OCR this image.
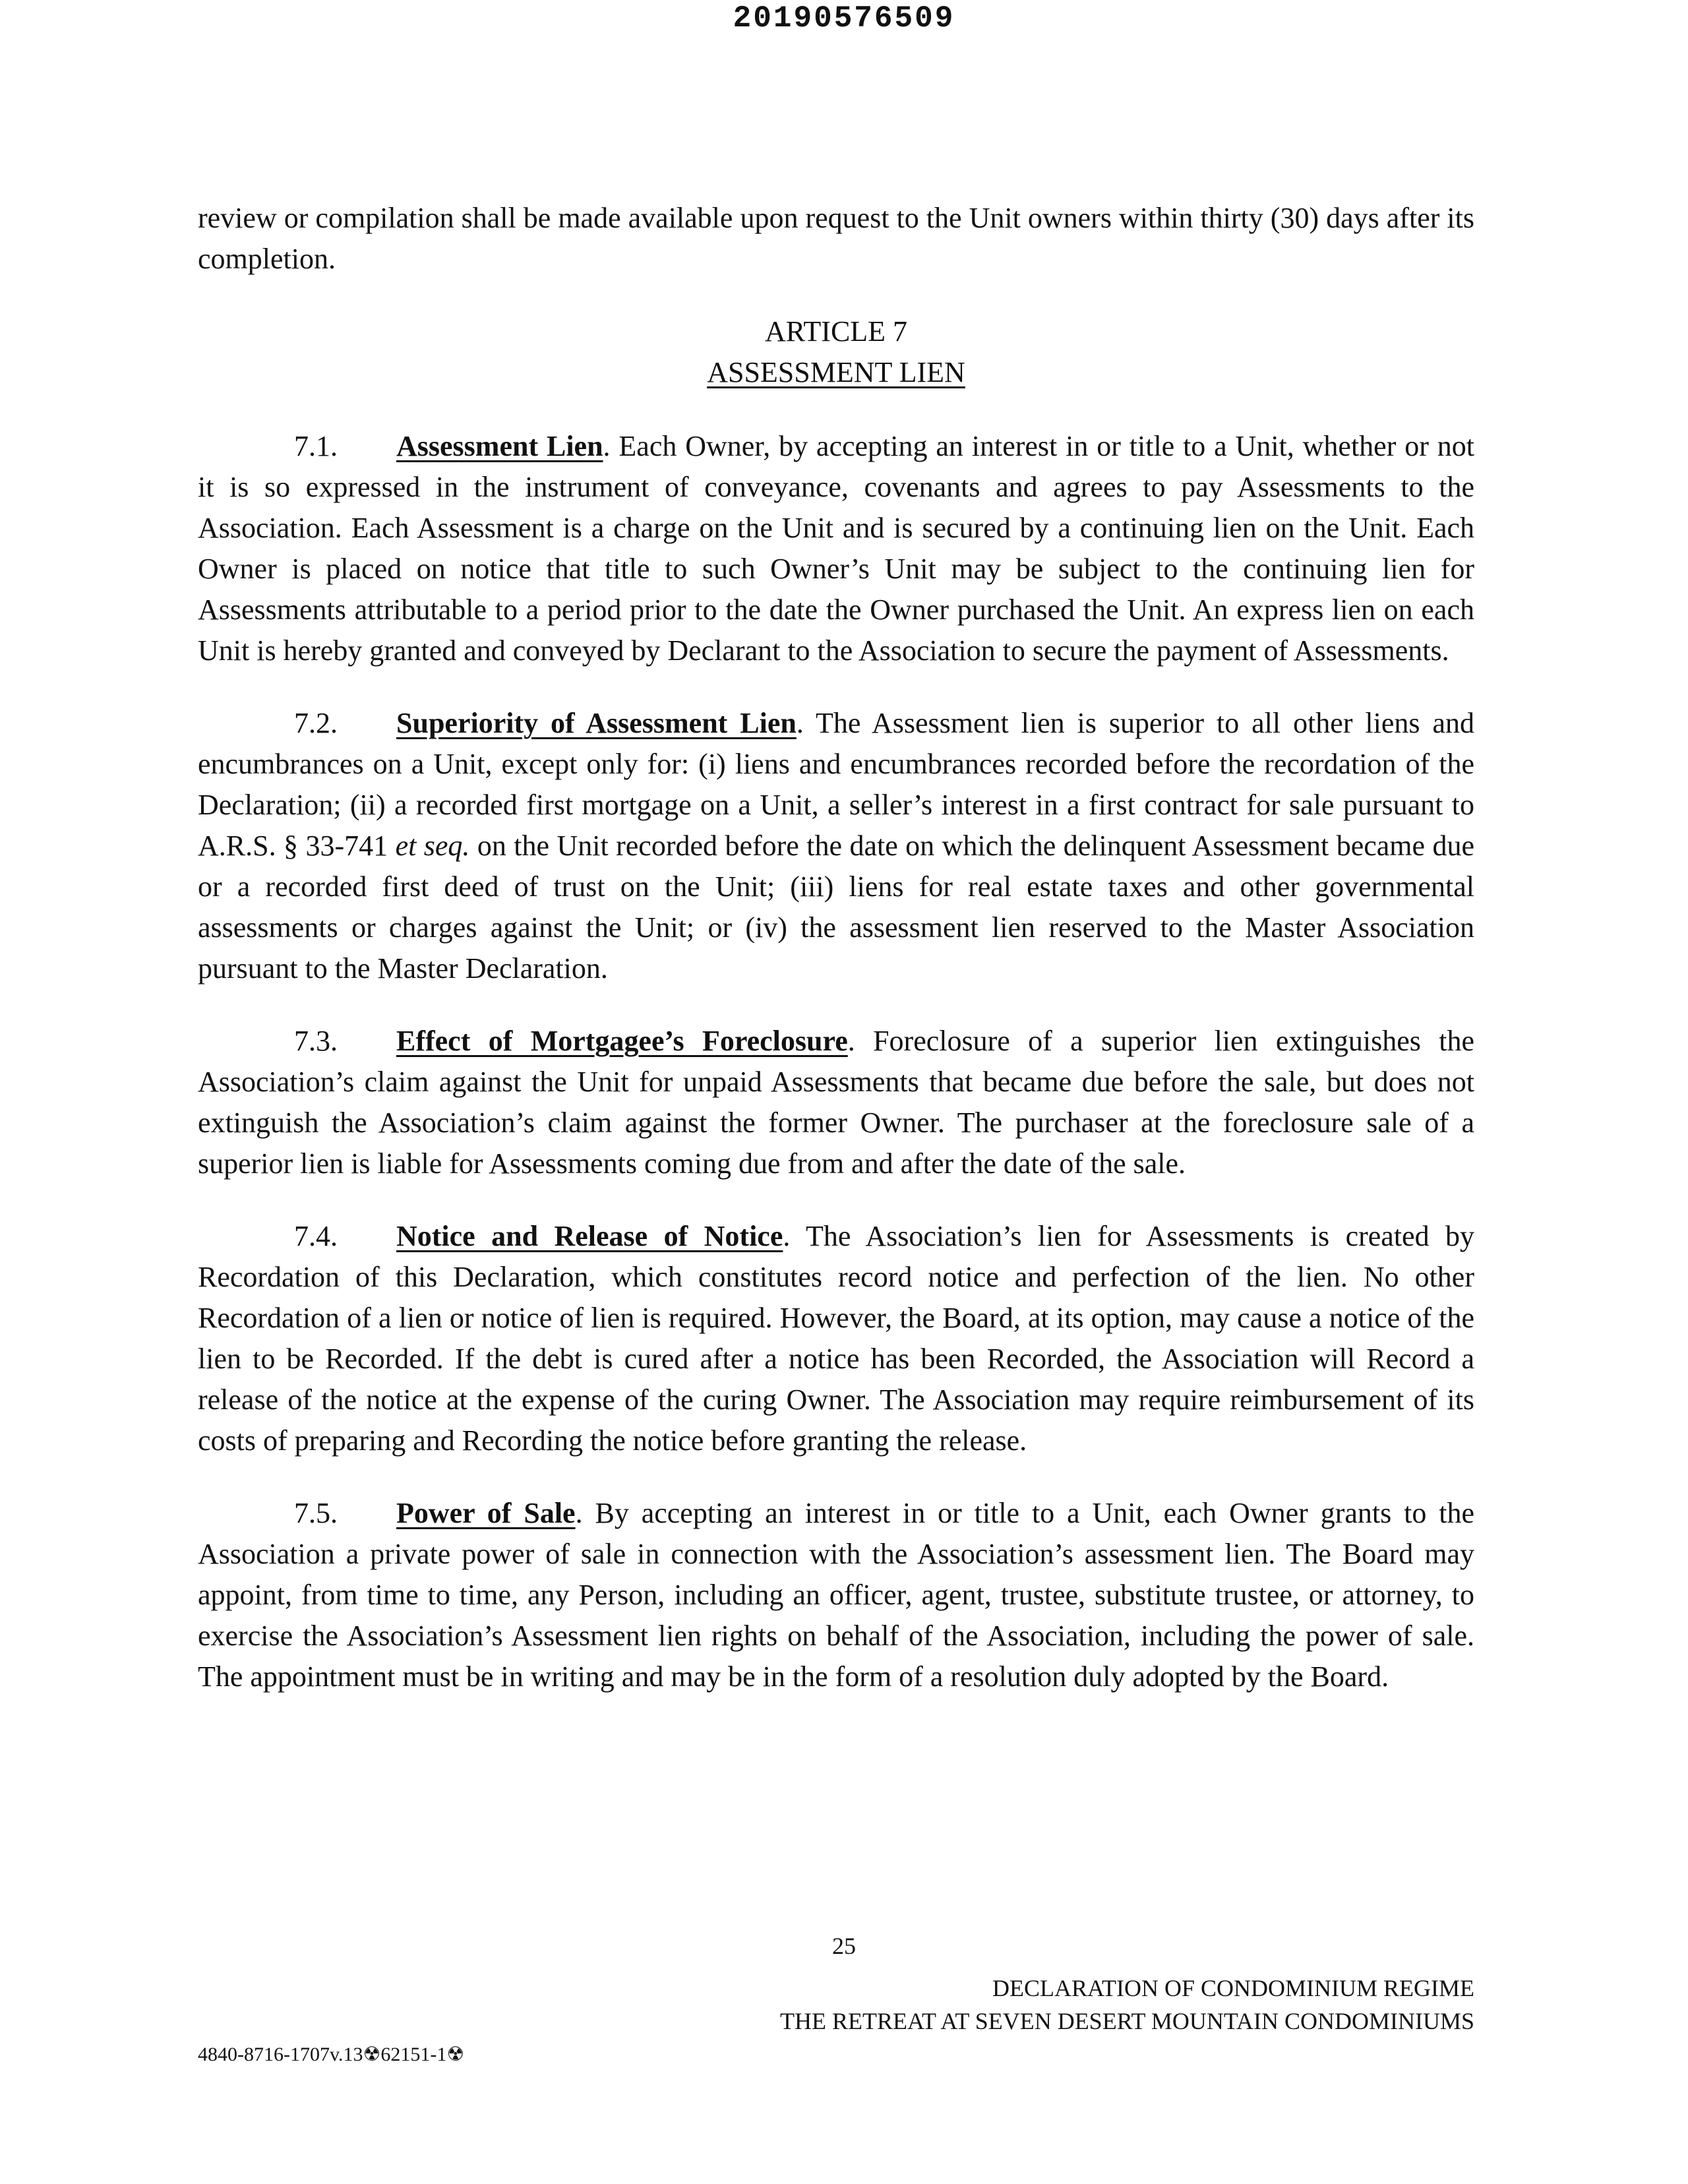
20190576509

review or compilation shall be made available upon request to the Unit owners within thirty (30) days after its completion.

ARTICLE 7
ASSESSMENT LIEN

7.1. Assessment Lien. Each Owner, by accepting an interest in or title to a Unit, whether or not it is so expressed in the instrument of conveyance, covenants and agrees to pay Assessments to the Association. Each Assessment is a charge on the Unit and is secured by a continuing lien on the Unit. Each Owner is placed on notice that title to such Owner’s Unit may be subject to the continuing lien for Assessments attributable to a period prior to the date the Owner purchased the Unit. An express lien on each Unit is hereby granted and conveyed by Declarant to the Association to secure the payment of Assessments.

7.2. Superiority of Assessment Lien. The Assessment lien is superior to all other liens and encumbrances on a Unit, except only for: (i) liens and encumbrances recorded before the recordation of the Declaration; (ii) a recorded first mortgage on a Unit, a seller’s interest in a first contract for sale pursuant to A.R.S. § 33-741 et seq. on the Unit recorded before the date on which the delinquent Assessment became due or a recorded first deed of trust on the Unit; (iii) liens for real estate taxes and other governmental assessments or charges against the Unit; or (iv) the assessment lien reserved to the Master Association pursuant to the Master Declaration.

7.3. Effect of Mortgagee’s Foreclosure. Foreclosure of a superior lien extinguishes the Association’s claim against the Unit for unpaid Assessments that became due before the sale, but does not extinguish the Association’s claim against the former Owner. The purchaser at the foreclosure sale of a superior lien is liable for Assessments coming due from and after the date of the sale.

7.4. Notice and Release of Notice. The Association’s lien for Assessments is created by Recordation of this Declaration, which constitutes record notice and perfection of the lien. No other Recordation of a lien or notice of lien is required. However, the Board, at its option, may cause a notice of the lien to be Recorded. If the debt is cured after a notice has been Recorded, the Association will Record a release of the notice at the expense of the curing Owner. The Association may require reimbursement of its costs of preparing and Recording the notice before granting the release.

7.5. Power of Sale. By accepting an interest in or title to a Unit, each Owner grants to the Association a private power of sale in connection with the Association’s assessment lien. The Board may appoint, from time to time, any Person, including an officer, agent, trustee, substitute trustee, or attorney, to exercise the Association’s Assessment lien rights on behalf of the Association, including the power of sale. The appointment must be in writing and may be in the form of a resolution duly adopted by the Board.

25
DECLARATION OF CONDOMINIUM REGIME
THE RETREAT AT SEVEN DESERT MOUNTAIN CONDOMINIUMS
4840-8716-1707v.13☢62151-1☢
